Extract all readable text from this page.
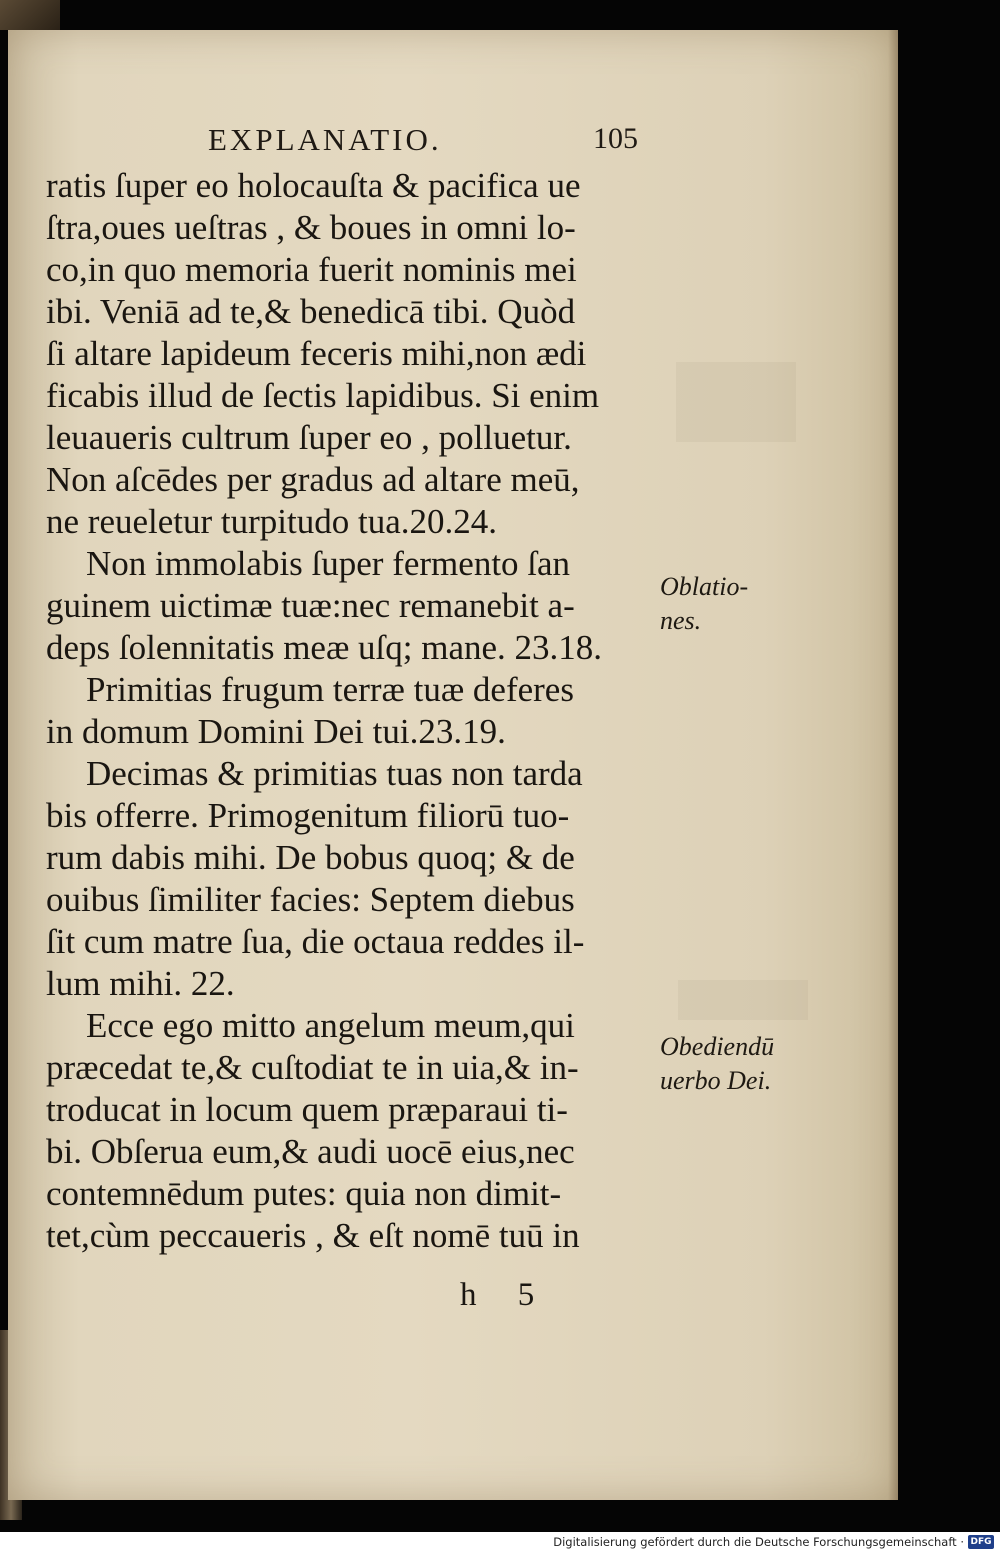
EXPLANATIO.	105
ratis ſuper eo holocauſta & pacifica ue
ſtra,oues ueſtras , & boues in omni lo-
co,in quo memoria fuerit nominis mei
ibi. Veniā ad te,& benedicā tibi. Quòd
ſi altare lapideum feceris mihi,non ædi
ficabis illud de ſectis lapidibus. Si enim
leuaueris cultrum ſuper eo , polluetur.
Non aſcēdes per gradus ad altare meū,
ne reueletur turpitudo tua.20.24.
Non immolabis ſuper fermento ſan
guinem uictimæ tuæ:nec remanebit a-
deps ſolennitatis meæ uſq; mane. 23.18.
Primitias frugum terræ tuæ deferes
in domum Domini Dei tui.23.19.
Decimas & primitias tuas non tarda
bis offerre. Primogenitum filiorū tuo-
rum dabis mihi. De bobus quoq; & de
ouibus ſimiliter facies: Septem diebus
ſit cum matre ſua, die octaua reddes il-
lum mihi. 22.
Ecce ego mitto angelum meum,qui
præcedat te,& cuſtodiat te in uia,& in-
troducat in locum quem præparaui ti-
bi. Obſerua eum,& audi uocē eius,nec
contemnēdum putes: quia non dimit-
tet,cùm peccaueris , & eſt nomē tuū in
Oblatio-
nes.
Obediendū
uerbo Dei.
h     5
Digitalisierung gefördert durch die Deutsche Forschungsgemeinschaft · DFG
